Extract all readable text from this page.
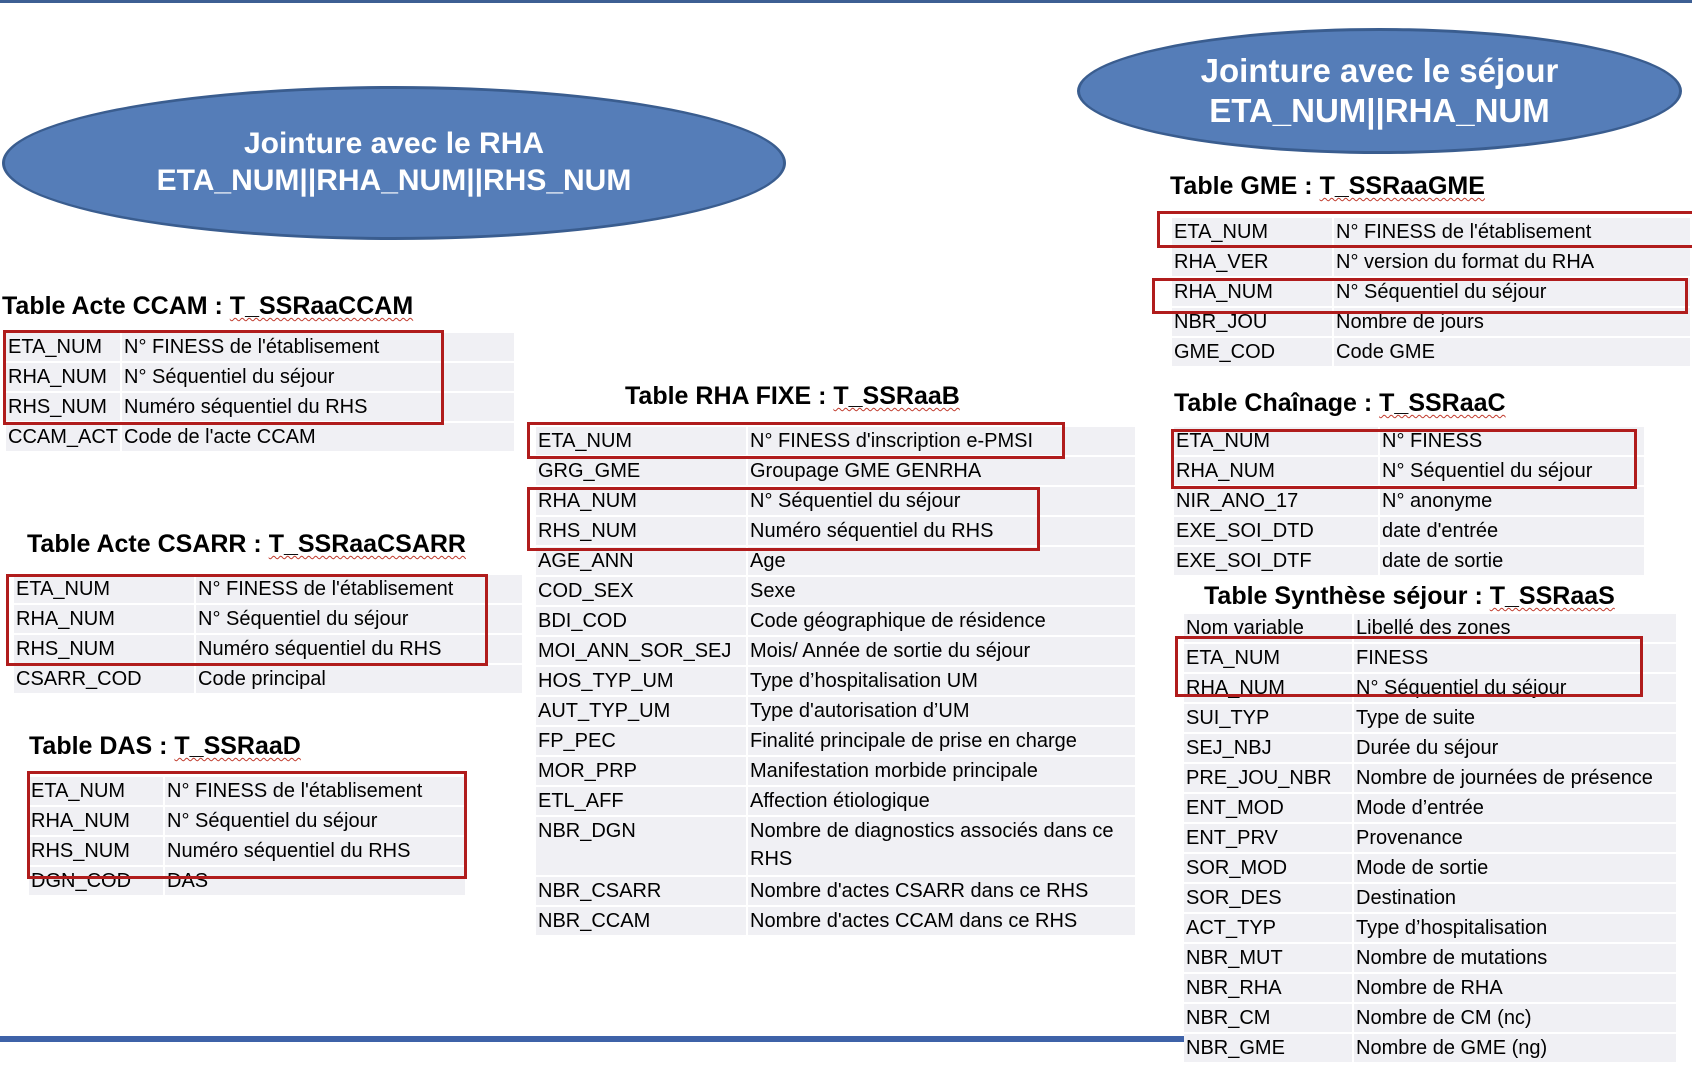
Jointure avec le RHA
ETA_NUM||RHA_NUM||RHS_NUM
Jointure avec le séjour
ETA_NUM||RHA_NUM
Table Acte CCAM : T_SSRaaCCAM
Table Acte CSARR : T_SSRaaCSARR
Table DAS : T_SSRaaD
Table RHA FIXE : T_SSRaaB
Table GME : T_SSRaaGME
Table Chaînage : T_SSRaaC
Table Synthèse séjour : T_SSRaaS
ETA_NUM	N° FINESS de l'établisement
RHA_NUM N° Séquentiel du séjour
RHS_NUM Numéro séquentiel du RHS
CCAM_ACT Code de l'acte CCAM
ETA_NUM	N° FINESS de l'établisement
RHA_NUM	N° Séquentiel du séjour
RHS_NUM	Numéro séquentiel du RHS
CSARR_COD	Code principal
ETA_NUM	N° FINESS de l'établisement
RHA_NUM	N° Séquentiel du séjour
RHS_NUM	Numéro séquentiel du RHS
DGN_COD	DAS
ETA_NUM	N° FINESS d'inscription e-PMSI
GRG_GME	Groupage GME GENRHA
RHA_NUM	N° Séquentiel du séjour
RHS_NUM	Numéro séquentiel du RHS
AGE_ANN	Age
COD_SEX	Sexe
BDI_COD	Code géographique de résidence
MOI_ANN_SOR_SEJ Mois/ Année de sortie du séjour
HOS_TYP_UM	Type d’hospitalisation UM
AUT_TYP_UM	Type d'autorisation d’UM
FP_PEC	Finalité principale de prise en charge
MOR_PRP	Manifestation morbide principale
ETL_AFF	Affection étiologique
NBR_DGN	Nombre de diagnostics associés dans ce RHS
NBR_CSARR	Nombre d'actes CSARR dans ce RHS
NBR_CCAM	Nombre d'actes CCAM dans ce RHS
ETA_NUM	N° FINESS de l'établisement
RHA_VER	N° version du format du RHA
RHA_NUM	N° Séquentiel du séjour
NBR_JOU	Nombre de jours
GME_COD	Code GME
ETA_NUM	N° FINESS
RHA_NUM	N° Séquentiel du séjour
NIR_ANO_17	N° anonyme
EXE_SOI_DTD	date d'entrée
EXE_SOI_DTF	date de sortie
Nom variable	Libellé des zones
ETA_NUM	FINESS
RHA_NUM	N° Séquentiel du séjour
SUI_TYP	Type de suite
SEJ_NBJ	Durée du séjour
PRE_JOU_NBR	Nombre de journées de présence
ENT_MOD	Mode d’entrée
ENT_PRV	Provenance
SOR_MOD	Mode de sortie
SOR_DES	Destination
ACT_TYP	Type d’hospitalisation
NBR_MUT	Nombre de mutations
NBR_RHA	Nombre de RHA
NBR_CM	Nombre de CM (nc)
NBR_GME	Nombre de GME (ng)
